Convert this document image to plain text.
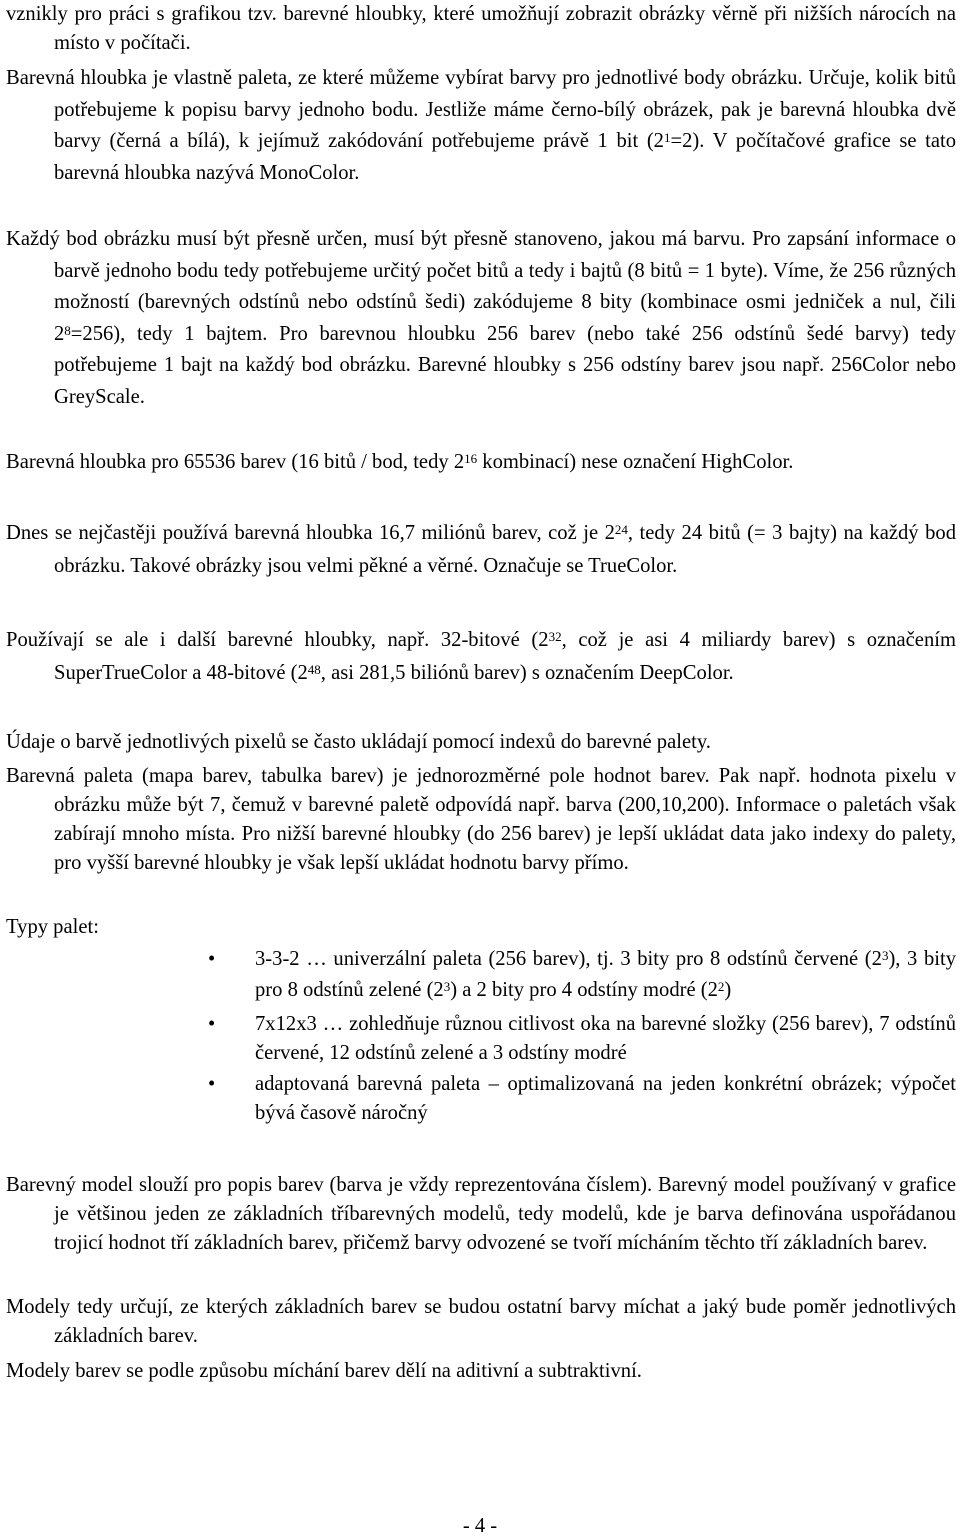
vznikly pro práci s grafikou tzv. barevné hloubky, které umožňují zobrazit obrázky věrně při nižších nárocích na místo v počítači.
Barevná hloubka je vlastně paleta, ze které můžeme vybírat barvy pro jednotlivé body obrázku. Určuje, kolik bitů potřebujeme k popisu barvy jednoho bodu. Jestliže máme černo-bílý obrázek, pak je barevná hloubka dvě barvy (černá a bílá), k jejímuž zakódování potřebujeme právě 1 bit $(2^1=2)$. V počítačové grafice se tato barevná hloubka nazývá MonoColor.
Každý bod obrázku musí být přesně určen, musí být přesně stanoveno, jakou má barvu. Pro zapsání informace o barvě jednoho bodu tedy potřebujeme určitý počet bitů a tedy i bajtů (8 bitů = 1 byte). Víme, že 256 různých možností (barevných odstínů nebo odstínů šedi) zakódujeme 8 bity (kombinace osmi jedniček a nul, čili $2^8=256$), tedy 1 bajtem. Pro barevnou hloubku 256 barev (nebo také 256 odstínů šedé barvy) tedy potřebujeme 1 bajt na každý bod obrázku. Barevné hloubky s 256 odstíny barev jsou např. 256Color nebo GreyScale.
Barevná hloubka pro 65536 barev (16 bitů / bod, tedy $2^{16}$ kombinací) nese označení HighColor.
Dnes se nejčastěji používá barevná hloubka 16,7 miliónů barev, což je $2^{24}$, tedy 24 bitů (= 3 bajty) na každý bod obrázku. Takové obrázky jsou velmi pěkné a věrné. Označuje se TrueColor.
Používají se ale i další barevné hloubky, např. 32-bitové ($2^{32}$, což je asi 4 miliardy barev) s označením SuperTrueColor a 48-bitové ($2^{48}$, asi 281,5 biliónů barev) s označením DeepColor.
Údaje o barvě jednotlivých pixelů se často ukládají pomocí indexů do barevné palety.
Barevná paleta (mapa barev, tabulka barev) je jednorozměrné pole hodnot barev. Pak např. hodnota pixelu v obrázku může být 7, čemuž v barevné paletě odpovídá např. barva (200,10,200). Informace o paletách však zabírají mnoho místa. Pro nižší barevné hloubky (do 256 barev) je lepší ukládat data jako indexy do palety, pro vyšší barevné hloubky je však lepší ukládat hodnotu barvy přímo.
Typy palet:
• 3-3-2 … univerzální paleta (256 barev), tj. 3 bity pro 8 odstínů červené $(2^3)$, 3 bity pro 8 odstínů zelené $(2^3)$ a 2 bity pro 4 odstíny modré $(2^2)$
• 7x12x3 … zohledňuje různou citlivost oka na barevné složky (256 barev), 7 odstínů červené, 12 odstínů zelené a 3 odstíny modré
• adaptovaná barevná paleta – optimalizovaná na jeden konkrétní obrázek; výpočet bývá časově náročný
Barevný model slouží pro popis barev (barva je vždy reprezentována číslem). Barevný model používaný v grafice je většinou jeden ze základních tříbarevných modelů, tedy modelů, kde je barva definována uspořádanou trojicí hodnot tří základních barev, přičemž barvy odvozené se tvoří mícháním těchto tří základních barev.
Modely tedy určují, ze kterých základních barev se budou ostatní barvy míchat a jaký bude poměr jednotlivých základních barev.
Modely barev se podle způsobu míchání barev dělí na aditivní a subtraktivní.
- 4 -
